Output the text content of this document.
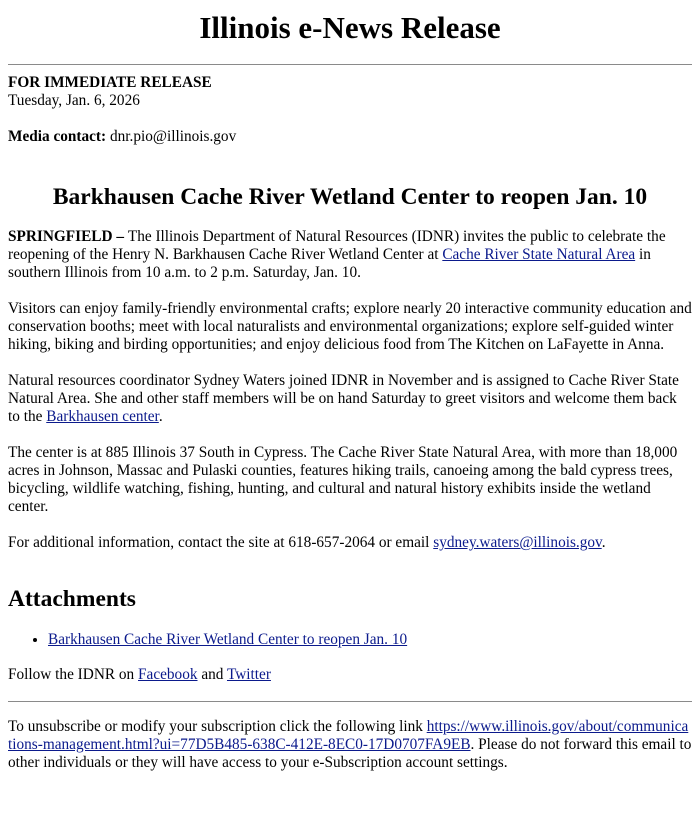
Illinois e-News Release
FOR IMMEDIATE RELEASE
Tuesday, Jan. 6, 2026
Media contact: dnr.pio@illinois.gov
Barkhausen Cache River Wetland Center to reopen Jan. 10

SPRINGFIELD – The Illinois Department of Natural Resources (IDNR) invites the public to celebrate the reopening of the Henry N. Barkhausen Cache River Wetland Center at Cache River State Natural Area in southern Illinois from 10 a.m. to 2 p.m. Saturday, Jan. 10.

Visitors can enjoy family-friendly environmental crafts; explore nearly 20 interactive community education and conservation booths; meet with local naturalists and environmental organizations; explore self-guided winter hiking, biking and birding opportunities; and enjoy delicious food from The Kitchen on LaFayette in Anna.

Natural resources coordinator Sydney Waters joined IDNR in November and is assigned to Cache River State Natural Area. She and other staff members will be on hand Saturday to greet visitors and welcome them back to the Barkhausen center.

The center is at 885 Illinois 37 South in Cypress. The Cache River State Natural Area, with more than 18,000 acres in Johnson, Massac and Pulaski counties, features hiking trails, canoeing among the bald cypress trees, bicycling, wildlife watching, fishing, hunting, and cultural and natural history exhibits inside the wetland center.

For additional information, contact the site at 618-657-2064 or email sydney.waters@illinois.gov.

Attachments
• Barkhausen Cache River Wetland Center to reopen Jan. 10

Follow the IDNR on Facebook and Twitter

To unsubscribe or modify your subscription click the following link https://www.illinois.gov/about/communications-management.html?ui=77D5B485-638C-412E-8EC0-17D0707FA9EB. Please do not forward this email to other individuals or they will have access to your e-Subscription account settings.
